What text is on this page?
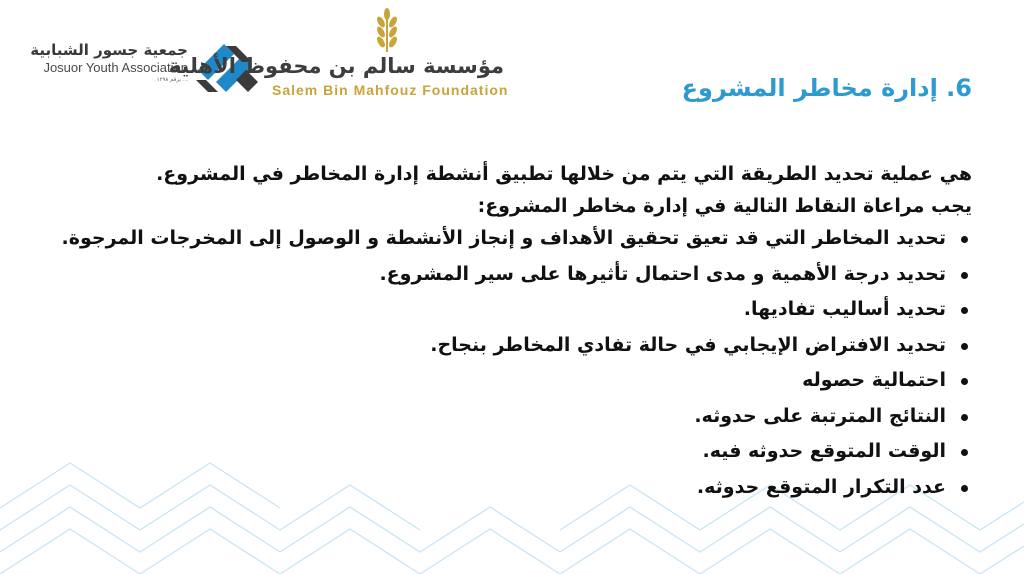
جمعية جسور الشبابية
Josuor Youth Association
برقم ١٢٩٨ ...
مؤسسة سالم بن محفوظ الأهلية
Salem Bin Mahfouz Foundation	6. إدارة مخاطر المشروع
هي عملية تحديد الطريقة التي يتم من خلالها تطبيق أنشطة إدارة المخاطر في المشروع.
يجب مراعاة النقاط التالية في إدارة مخاطر المشروع:
تحديد المخاطر التي قد تعيق تحقيق الأهداف و إنجاز الأنشطة و الوصول إلى المخرجات المرجوة.
تحديد درجة الأهمية و مدى احتمال تأثيرها على سير المشروع.
تحديد أساليب تفاديها.
تحديد الافتراض الإيجابي في حالة تفادي المخاطر بنجاح.
احتمالية حصوله
النتائج المترتبة على حدوثه.
الوقت المتوقع حدوثه فيه.
عدد التكرار المتوقع حدوثه.
